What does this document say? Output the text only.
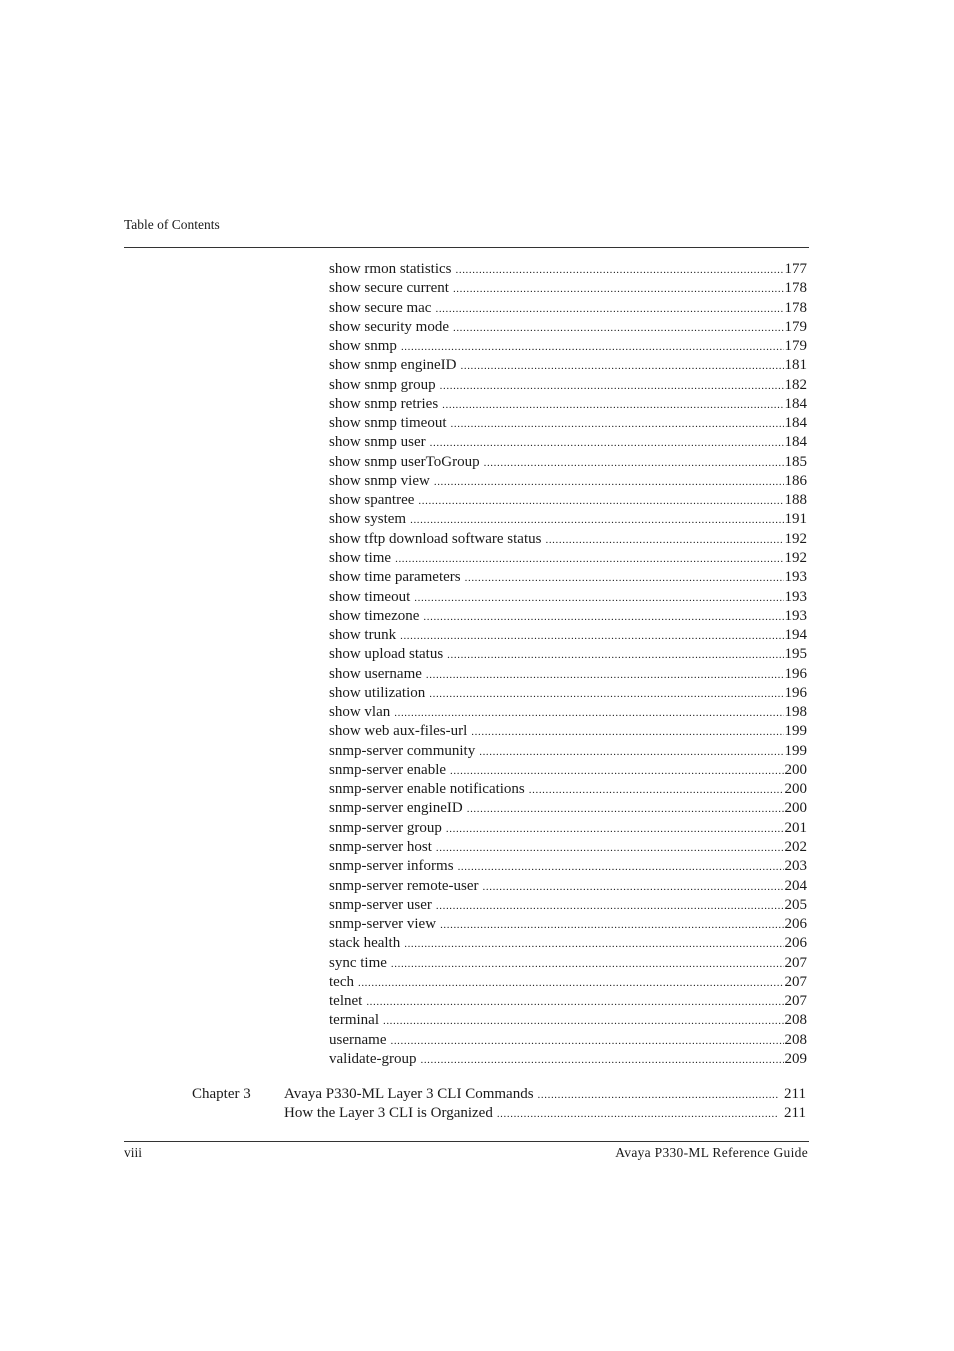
Table of Contents
show rmon statistics .....	177
show secure current .....	178
show secure mac .....	178
show security mode .....	179
show snmp .....	179
show snmp engineID .....	181
show snmp group .....	182
show snmp retries .....	184
show snmp timeout .....	184
show snmp user .....	184
show snmp userToGroup .....	185
show snmp view .....	186
show spantree .....	188
show system .....	191
show tftp download software status .....	192
show time .....	192
show time parameters .....	193
show timeout .....	193
show timezone .....	193
show trunk .....	194
show upload status .....	195
show username .....	196
show utilization .....	196
show vlan .....	198
show web aux-files-url .....	199
snmp-server community .....	199
snmp-server enable .....	200
snmp-server enable notifications .....	200
snmp-server engineID .....	200
snmp-server group .....	201
snmp-server host .....	202
snmp-server informs .....	203
snmp-server remote-user .....	204
snmp-server user .....	205
snmp-server view .....	206
stack health .....	206
sync time .....	207
tech .....	207
telnet .....	207
terminal .....	208
username .....	208
validate-group .....	209
Chapter 3 Avaya P330-ML Layer 3 CLI Commands .....	211
How the Layer 3 CLI is Organized .....	211
viii	Avaya P330-ML Reference Guide
